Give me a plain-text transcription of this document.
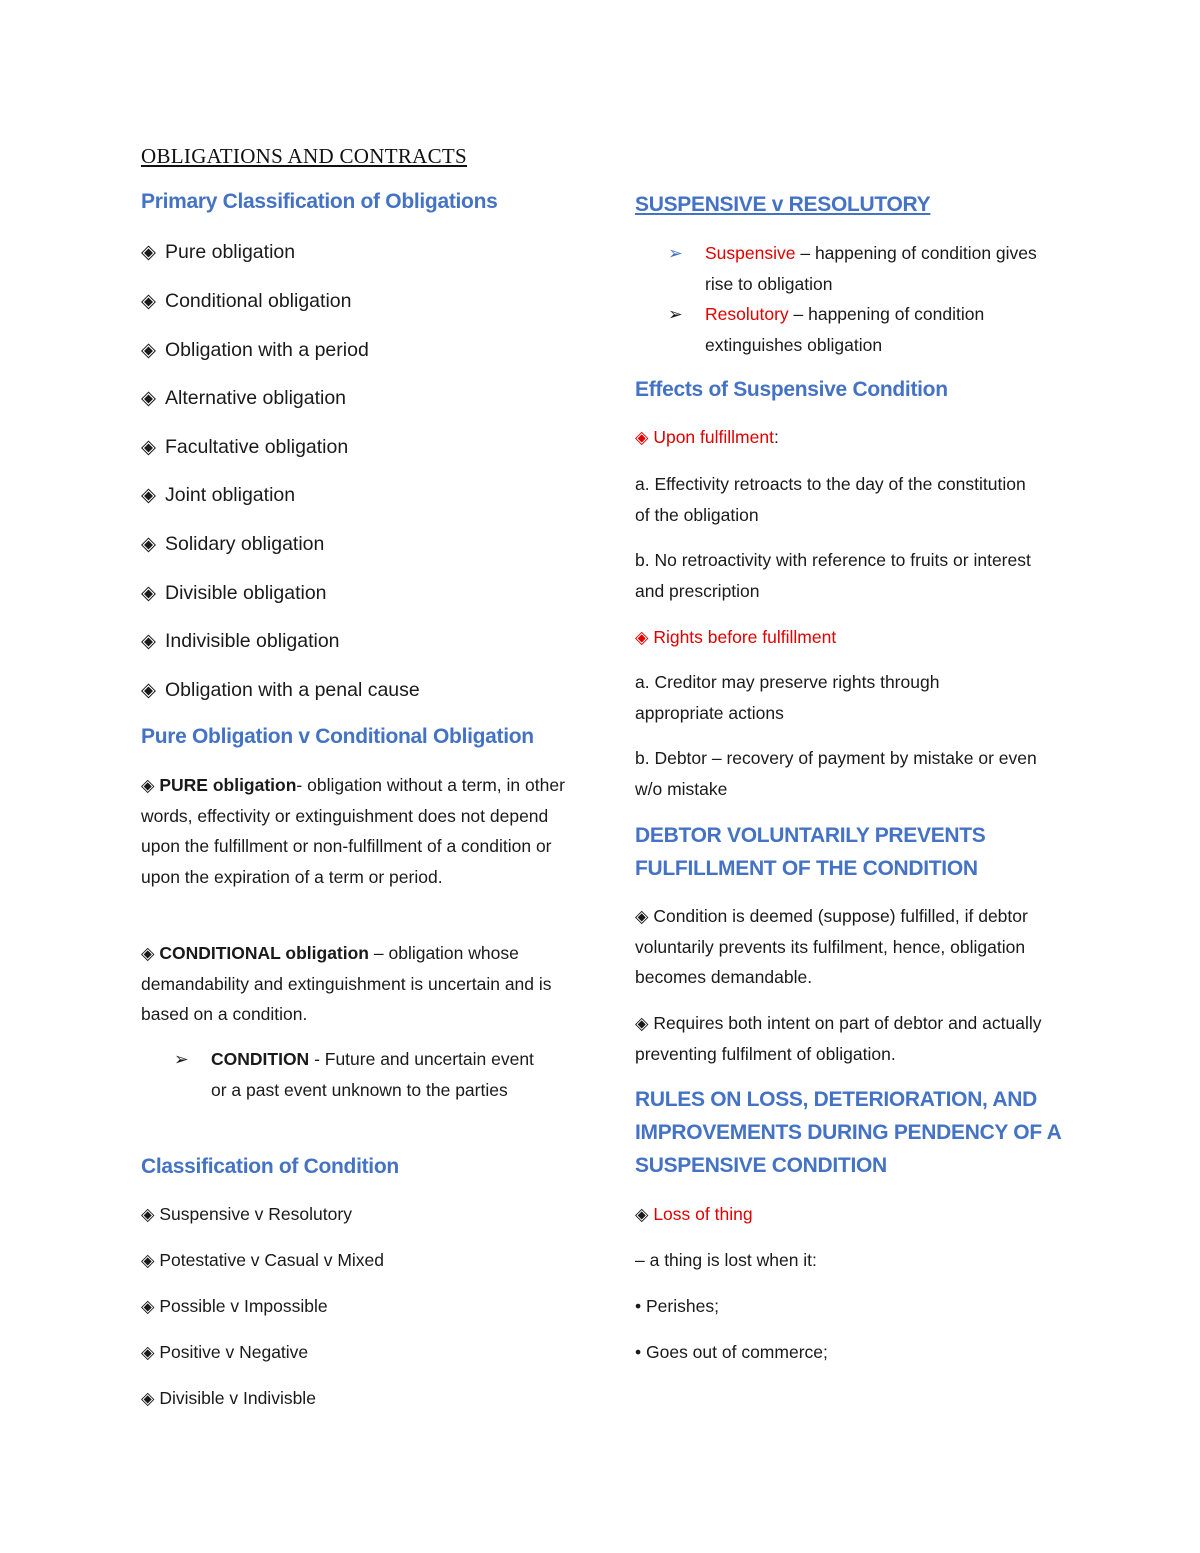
OBLIGATIONS AND CONTRACTS
Primary Classification of Obligations
◈ Pure obligation
◈ Conditional obligation
◈ Obligation with a period
◈ Alternative obligation
◈ Facultative obligation
◈ Joint obligation
◈ Solidary obligation
◈ Divisible obligation
◈ Indivisible obligation
◈ Obligation with a penal cause
Pure Obligation v Conditional Obligation
◈ PURE obligation- obligation without a term, in other words, effectivity or extinguishment does not depend upon the fulfillment or non-fulfillment of a condition or upon the expiration of a term or period.
◈ CONDITIONAL obligation – obligation whose demandability and extinguishment is uncertain and is based on a condition.
➢ CONDITION - Future and uncertain event or a past event unknown to the parties
Classification of Condition
◈ Suspensive v Resolutory
◈ Potestative v Casual v Mixed
◈ Possible v Impossible
◈ Positive v Negative
◈ Divisible v Indivisble
SUSPENSIVE v RESOLUTORY
➢ Suspensive – happening of condition gives rise to obligation
➢ Resolutory – happening of condition extinguishes obligation
Effects of Suspensive Condition
◈ Upon fulfillment:
a. Effectivity retroacts to the day of the constitution of the obligation
b. No retroactivity with reference to fruits or interest and prescription
◈ Rights before fulfillment
a. Creditor may preserve rights through appropriate actions
b. Debtor – recovery of payment by mistake or even w/o mistake
DEBTOR VOLUNTARILY PREVENTS FULFILLMENT OF THE CONDITION
◈ Condition is deemed (suppose) fulfilled, if debtor voluntarily prevents its fulfilment, hence, obligation becomes demandable.
◈ Requires both intent on part of debtor and actually preventing fulfilment of obligation.
RULES ON LOSS, DETERIORATION, AND IMPROVEMENTS DURING PENDENCY OF A SUSPENSIVE CONDITION
◈ Loss of thing
– a thing is lost when it:
• Perishes;
• Goes out of commerce;
